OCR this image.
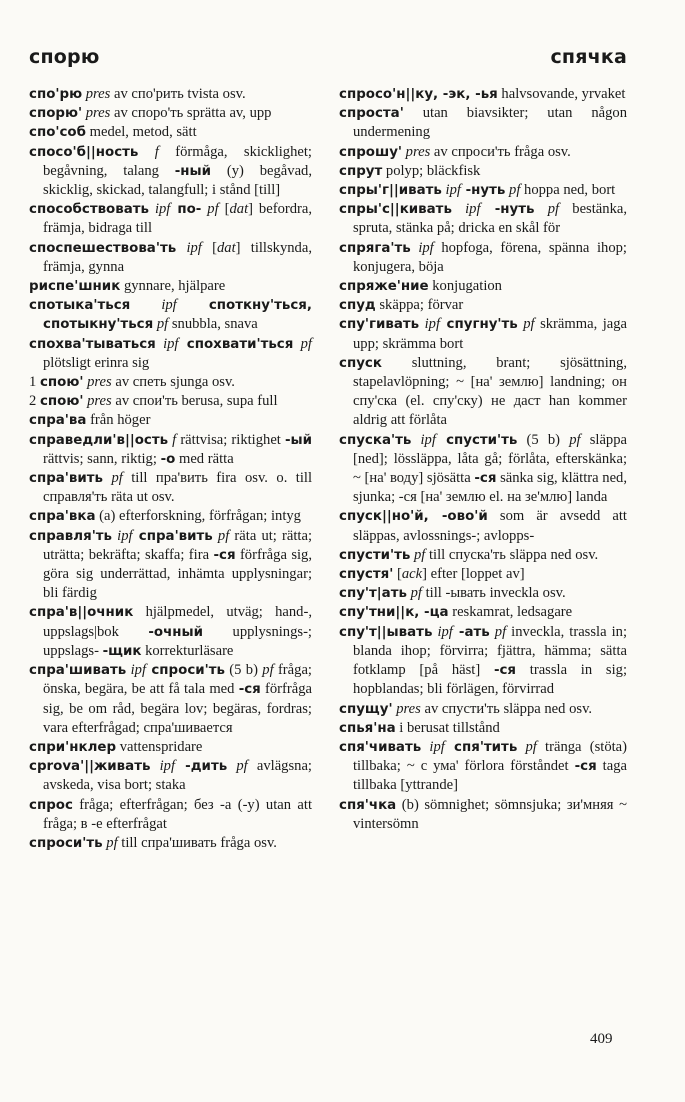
спорю	спячка

спо'рю pres av спо'рить tvista osv.

спорю' pres av споро'ть sprätta av, upp

спо'соб medel, metod, sätt

спосо'б||ность f förmåga, skicklighet; begåvning, talang -ный (y) begåvad, skicklig, skickad, talangfull; i stånd [till]

способствовать ipf по- pf [dat] befordra, främja, bidraga till

споспешествова'ть ipf [dat] tillskynda, främja, gynna

риспе'шник gynnare, hjälpare

спотыка'ться ipf споткну'ться, спотыкну'ться pf snubbla, snava

спохва'тываться ipf спохвати'ться pf plötsligt erinra sig

1 спою' pres av спеть sjunga osv.

2 спою' pres av спои'ть berusa, supa full

спра'ва från höger

справедли'в||ость f rättvisa; riktighet -ый rättvis; sann, riktig; -о med rätta

спра'вить pf till пра'вить fira osv. o. till справля'ть räta ut osv.

спра'вка (a) efterforskning, förfrågan; intyg

справля'ть ipf спра'вить pf räta ut; rätta; uträtta; bekräfta; skaffa; fira -ся förfråga sig, göra sig underrättad, inhämta upplysningar; bli färdig

спра'в||очник hjälpmedel, utväg; hand-, uppslags|bok -очный upplysnings-; uppslags- -щик korrekturläsare

спра'шивать ipf спроси'ть (5 b) pf fråga; önska, begära, be att få tala med -ся förfråga sig, be om råd, begära lov; begäras, fordras; vara efterfrågad; спра'шивается

спри'нклер vattenspridare

сprova'||живать ipf -дить pf avlägsna; avskeda, visa bort; staka

спрос fråga; efterfrågan; без -а (-у) utan att fråga; в -е efterfrågat

спроси'ть pf till спра'шивать fråga osv.

спросо'н||ку, -эк, -ья halvsovande, yrvaket

спроста' utan biavsikter; utan någon undermening

спрошу' pres av спроси'ть fråga osv.

спрут polyp; bläckfisk

спры'г||ивать ipf -нуть pf hoppa ned, bort

спры'с||кивать ipf -нуть pf bestänka, spruta, stänka på; dricka en skål för

спряга'ть ipf hopfoga, förena, spänna ihop; konjugera, böja

спряже'ние konjugation

спуд skäppa; förvar

спу'гивать ipf спугну'ть pf skrämma, jaga upp; skrämma bort

спуск sluttning, brant; sjösättning, stapelavlöpning; ~ [на' землю] landning; он спу'ска (el. спу'ску) не даст han kommer aldrig att förlåta

спуска'ть ipf спусти'ть (5 b) pf släppa [ned]; lössläppa, låta gå; förlåta, efterskänka; ~ [на' воду] sjösätta -ся sänka sig, klättra ned, sjunka; -ся [на' землю el. на зе'млю] landa

спуск||но'й, -ово'й som är avsedd att släppas, avlossnings-; avlopps-

спусти'ть pf till спуска'ть släppa ned osv.

спустя' [ack] efter [loppet av]

спу'т|ать pf till -ывать inveckla osv.

спу'тни||к, -ца reskamrat, ledsagare

спу'т||ывать ipf -ать pf inveckla, trassla in; blanda ihop; förvirra; fjättra, hämma; sätta fotklamp [på häst] -ся trassla in sig; hopblandas; bli förlägen, förvirrad

спущу' pres av спусти'ть släppa ned osv.

спья'на i berusat tillstånd

спя'чивать ipf спя'тить pf tränga (stöta) tillbaka; ~ с ума' förlora förståndet -ся taga tillbaka [yttrande]

спя'чка (b) sömnighet; sömnsjuka; зи'мняя ~ vintersömn

409
